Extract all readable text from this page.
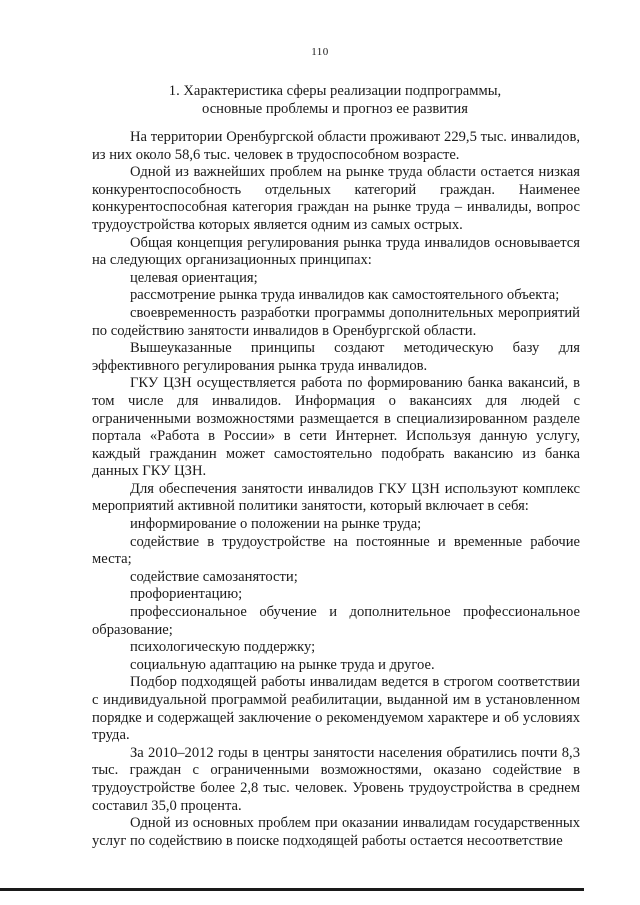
110
1. Характеристика сферы реализации подпрограммы,
основные проблемы и прогноз ее развития

На территории Оренбургской области проживают 229,5 тыс. инвалидов, из них около 58,6 тыс. человек в трудоспособном возрасте.

Одной из важнейших проблем на рынке труда области остается низкая конкурентоспособность отдельных категорий граждан. Наименее конкурентоспособная категория граждан на рынке труда – инвалиды, вопрос трудоустройства которых является одним из самых острых.

Общая концепция регулирования рынка труда инвалидов основывается на следующих организационных принципах:

целевая ориентация;

рассмотрение рынка труда инвалидов как самостоятельного объекта;

своевременность разработки программы дополнительных мероприятий по содействию занятости инвалидов в Оренбургской области.

Вышеуказанные принципы создают методическую базу для эффективного регулирования рынка труда инвалидов.

ГКУ ЦЗН осуществляется работа по формированию банка вакансий, в том числе для инвалидов. Информация о вакансиях для людей с ограниченными возможностями размещается в специализированном разделе портала «Работа в России» в сети Интернет. Используя данную услугу, каждый гражданин может самостоятельно подобрать вакансию из банка данных ГКУ ЦЗН.

Для обеспечения занятости инвалидов ГКУ ЦЗН используют комплекс мероприятий активной политики занятости, который включает в себя:

информирование о положении на рынке труда;

содействие в трудоустройстве на постоянные и временные рабочие места;

содействие самозанятости;

профориентацию;

профессиональное обучение и дополнительное профессиональное образование;

психологическую поддержку;

социальную адаптацию на рынке труда и другое.

Подбор подходящей работы инвалидам ведется в строгом соответствии с индивидуальной программой реабилитации, выданной им в установленном порядке и содержащей заключение о рекомендуемом характере и об условиях труда.

За 2010–2012 годы в центры занятости населения обратились почти 8,3 тыс. граждан с ограниченными возможностями, оказано содействие в трудоустройстве более 2,8 тыс. человек. Уровень трудоустройства в среднем составил 35,0 процента.

Одной из основных проблем при оказании инвалидам государственных услуг по содействию в поиске подходящей работы остается несоответствие
